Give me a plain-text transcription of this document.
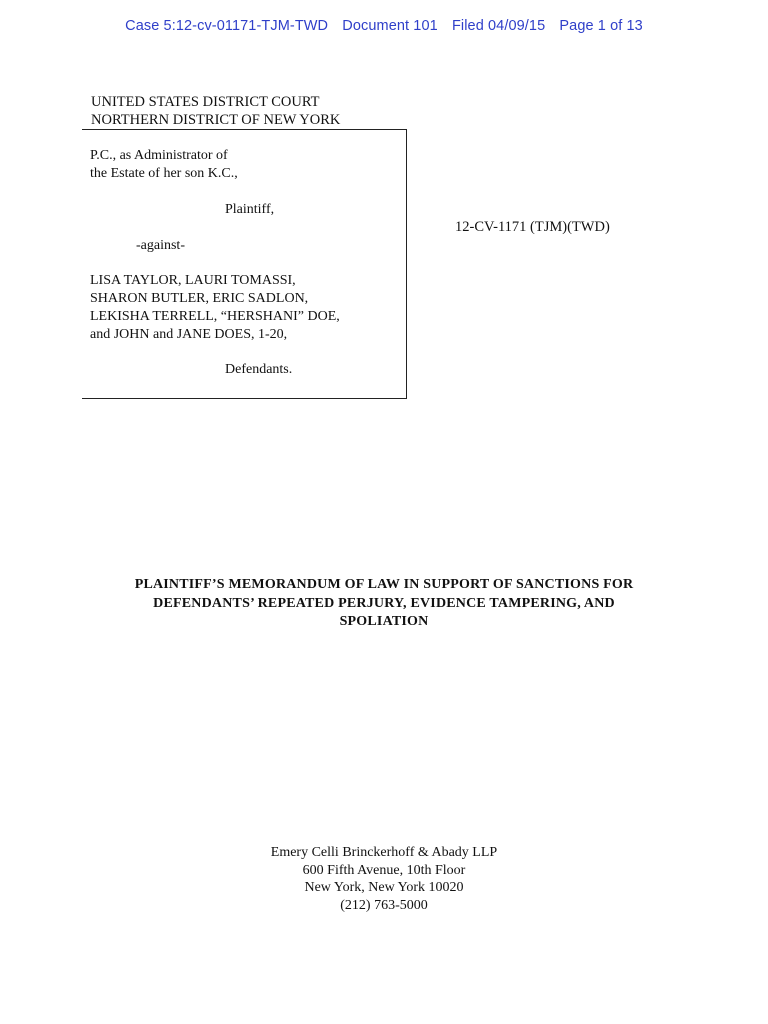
Case 5:12-cv-01171-TJM-TWD Document 101 Filed 04/09/15 Page 1 of 13
UNITED STATES DISTRICT COURT
NORTHERN DISTRICT OF NEW YORK
P.C., as Administrator of
the Estate of her son K.C.,
Plaintiff,
-against-
LISA TAYLOR, LAURI TOMASSI,
SHARON BUTLER, ERIC SADLON,
LEKISHA TERRELL, “HERSHANI” DOE,
and JOHN and JANE DOES, 1-20,
Defendants.
12-CV-1171 (TJM)(TWD)
PLAINTIFF’S MEMORANDUM OF LAW IN SUPPORT OF SANCTIONS FOR
DEFENDANTS’ REPEATED PERJURY, EVIDENCE TAMPERING, AND
SPOLIATION
Emery Celli Brinckerhoff & Abady LLP
600 Fifth Avenue, 10th Floor
New York, New York 10020
(212) 763-5000
